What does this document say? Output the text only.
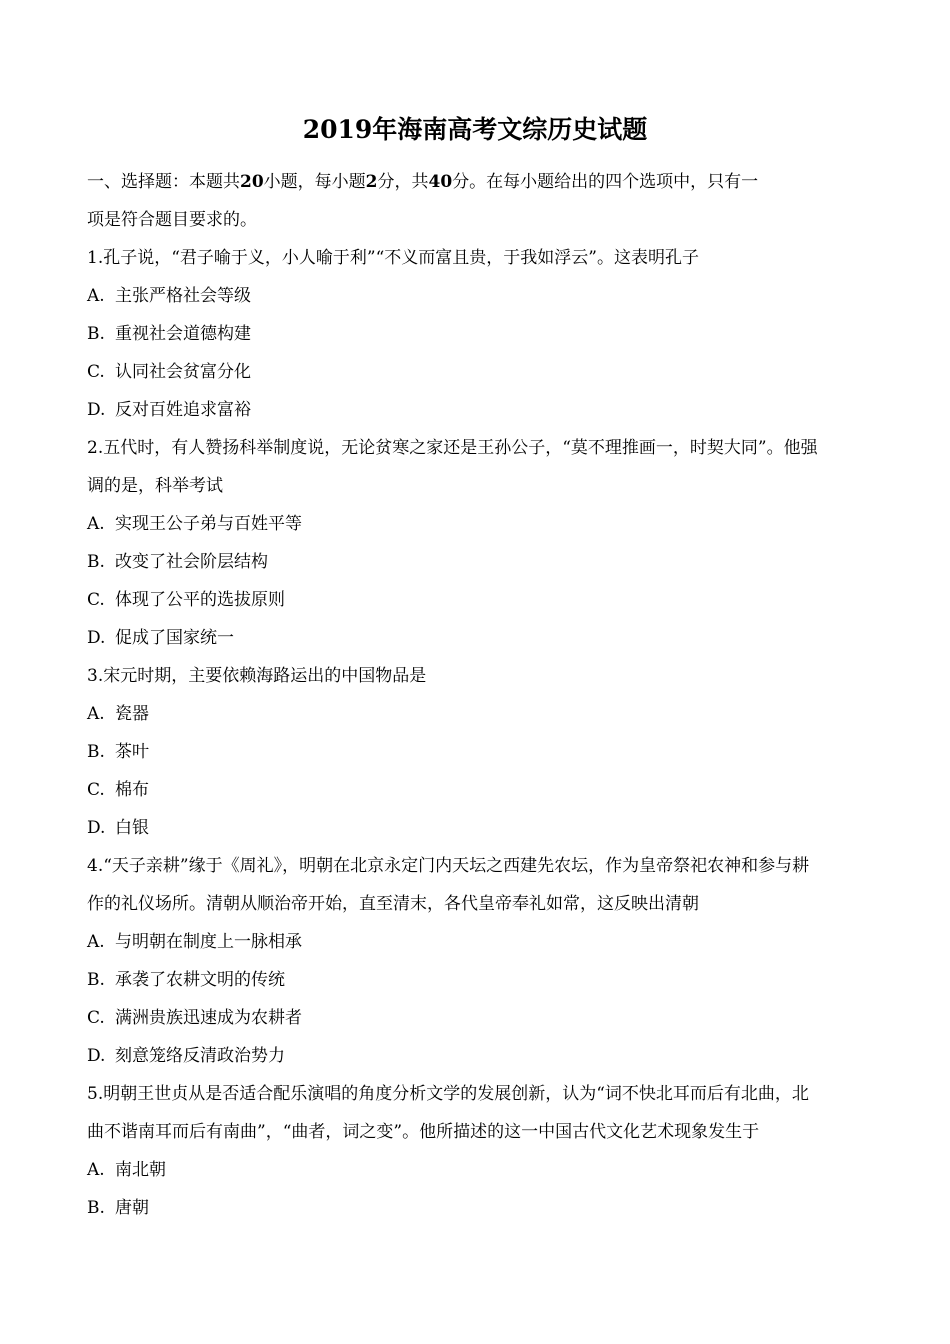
2019年海南高考文综历史试题
一、选择题：本题共20小题，每小题2分，共40分。在每小题给出的四个选项中，只有一
项是符合题目要求的。
1.孔子说，“君子喻于义，小人喻于利”“不义而富且贵，于我如浮云”。这表明孔子
A. 主张严格社会等级
B. 重视社会道德构建
C. 认同社会贫富分化
D. 反对百姓追求富裕
2.五代时，有人赞扬科举制度说，无论贫寒之家还是王孙公子，“莫不理推画一，时契大同”。他强
调的是，科举考试
A. 实现王公子弟与百姓平等
B. 改变了社会阶层结构
C. 体现了公平的选拔原则
D. 促成了国家统一
3.宋元时期，主要依赖海路运出的中国物品是
A. 瓷器
B. 茶叶
C. 棉布
D. 白银
4.“天子亲耕”缘于《周礼》，明朝在北京永定门内天坛之西建先农坛，作为皇帝祭祀农神和参与耕
作的礼仪场所。清朝从顺治帝开始，直至清末，各代皇帝奉礼如常，这反映出清朝
A. 与明朝在制度上一脉相承
B. 承袭了农耕文明的传统
C. 满洲贵族迅速成为农耕者
D. 刻意笼络反清政治势力
5.明朝王世贞从是否适合配乐演唱的角度分析文学的发展创新，认为“词不快北耳而后有北曲，北
曲不谐南耳而后有南曲”，“曲者，词之变”。他所描述的这一中国古代文化艺术现象发生于
A. 南北朝
B. 唐朝
